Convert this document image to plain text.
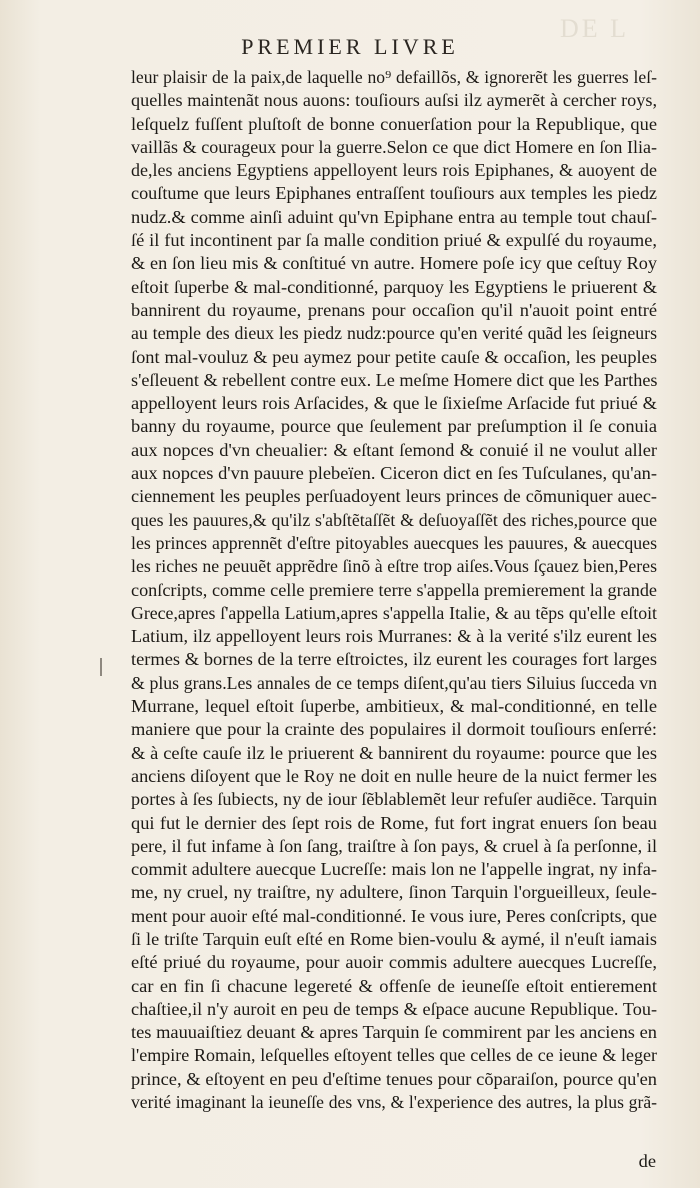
DE L
PREMIER LIVRE
leur plaisir de la paix,de laquelle no⁹ defaillõs, & ignorerẽt les guerres leſ-
quelles maintenãt nous auons: touſiours auſsi ilz aymerẽt à cercher roys,
leſquelz fuſſent pluſtoſt de bonne conuerſation pour la Republique, que
vaillãs & courageux pour la guerre.Selon ce que dict Homere en ſon Ilia-
de,les anciens Egyptiens appelloyent leurs rois Epiphanes, & auoyent de
couſtume que leurs Epiphanes entraſſent touſiours aux temples les piedz
nudz.& comme ainſi aduint qu'vn Epiphane entra au temple tout chauſ-
ſé il fut incontinent par ſa malle condition priué & expulſé du royaume,
& en ſon lieu mis & conſtitué vn autre. Homere poſe icy que ceſtuy Roy
eſtoit ſuperbe & mal-conditionné, parquoy les Egyptiens le priuerent &
bannirent du royaume, prenans pour occaſion qu'il n'auoit point entré
au temple des dieux les piedz nudz:pource qu'en verité quãd les ſeigneurs
ſont mal-vouluz & peu aymez pour petite cauſe & occaſion, les peuples
s'eſleuent & rebellent contre eux. Le meſme Homere dict que les Parthes
appelloyent leurs rois Arſacides, & que le ſixieſme Arſacide fut priué &
banny du royaume, pource que ſeulement par preſumption il ſe conuia
aux nopces d'vn cheualier: & eſtant ſemond & conuié il ne voulut aller
aux nopces d'vn pauure plebeïen. Ciceron dict en ſes Tuſculanes, qu'an-
ciennement les peuples perſuadoyent leurs princes de cõmuniquer auec-
ques les pauures,& qu'ilz s'abſtẽtaſſẽt & deſuoyaſſẽt des riches,pource que
les princes apprennẽt d'eſtre pitoyables auecques les pauures, & auecques
les riches ne peuuẽt apprẽdre ſinõ à eſtre trop aiſes.Vous ſçauez bien,Peres
conſcripts, comme celle premiere terre s'appella premierement la grande
Grece,apres ſ'appella Latium,apres s'appella Italie, & au tẽps qu'elle eſtoit
Latium, ilz appelloyent leurs rois Murranes: & à la verité s'ilz eurent les
termes & bornes de la terre eſtroictes, ilz eurent les courages fort larges
& plus grans.Les annales de ce temps diſent,qu'au tiers Siluius ſucceda vn
Murrane, lequel eſtoit ſuperbe, ambitieux, & mal-conditionné, en telle
maniere que pour la crainte des populaires il dormoit touſiours enſerré:
& à ceſte cauſe ilz le priuerent & bannirent du royaume: pource que les
anciens diſoyent que le Roy ne doit en nulle heure de la nuict fermer les
portes à ſes ſubiects, ny de iour ſẽblablemẽt leur refuſer audiẽce. Tarquin
qui fut le dernier des ſept rois de Rome, fut fort ingrat enuers ſon beau
pere, il fut infame à ſon ſang, traiſtre à ſon pays, & cruel à ſa perſonne, il
commit adultere auecque Lucreſſe: mais lon ne l'appelle ingrat, ny infa-
me, ny cruel, ny traiſtre, ny adultere, ſinon Tarquin l'orgueilleux, ſeule-
ment pour auoir eſté mal-conditionné. Ie vous iure, Peres conſcripts, que
ſi le triſte Tarquin euſt eſté en Rome bien-voulu & aymé, il n'euſt iamais
eſté priué du royaume, pour auoir commis adultere auecques Lucreſſe,
car en fin ſi chacune legereté & offenſe de ieuneſſe eſtoit entierement
chaſtiee,il n'y auroit en peu de temps & eſpace aucune Republique. Tou-
tes mauuaiſtiez deuant & apres Tarquin ſe commirent par les anciens en
l'empire Romain, leſquelles eſtoyent telles que celles de ce ieune & leger
prince, & eſtoyent en peu d'eſtime tenues pour cõparaiſon, pource qu'en
verité imaginant la ieuneſſe des vns, & l'experience des autres, la plus grã-
de
